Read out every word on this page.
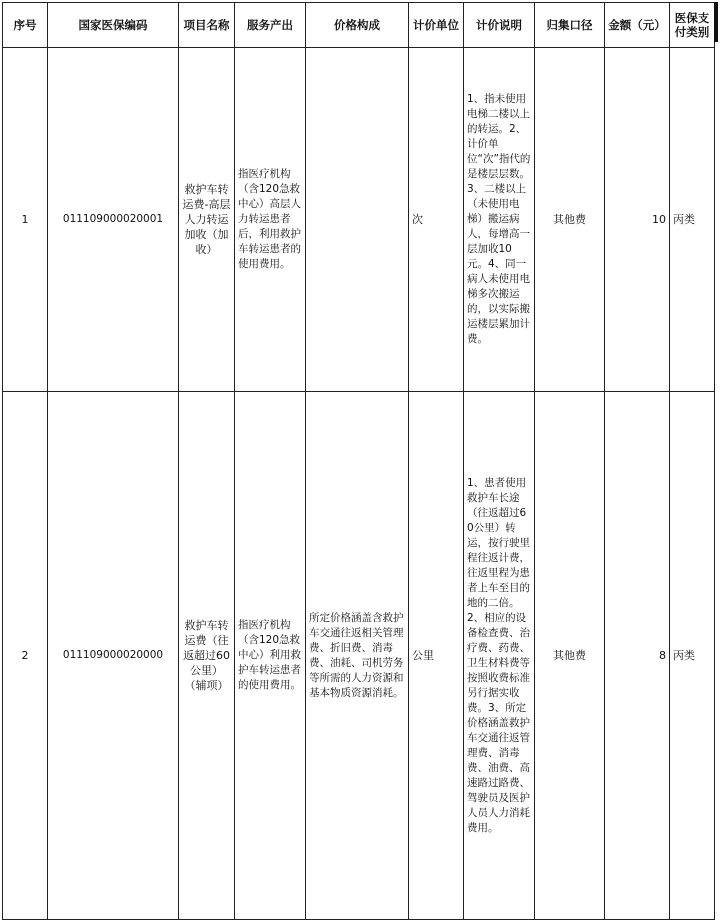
序号	国家医保编码	项目名称	服务产出	价格构成	计价单位	计价说明	归集口径	金额（元）	医保支付类别
1	011109000020001	救护车转运费-高层人力转运加收（加收）	指医疗机构（含120急救中心）高层人力转运患者后，利用救护车转运患者的使用费用。		次	1、指未使用电梯二楼以上的转运。2、计价单位“次”指代的是楼层层数。3、二楼以上（未使用电梯）搬运病人，每增高一层加收10元。4、同一病人未使用电梯多次搬运的，以实际搬运楼层累加计费。	其他费	10	丙类
2	011109000020000	救护车转运费（往返超过60公里）（辅项）	指医疗机构（含120急救中心）利用救护车转运患者的使用费用。	所定价格涵盖含救护车交通往返相关管理费、折旧费、消毒费、油耗、司机劳务等所需的人力资源和基本物质资源消耗。	公里	1、患者使用救护车长途（往返超过60公里）转运，按行驶里程往返计费，往返里程为患者上车至目的地的二倍。2、相应的设备检查费、治疗费、药费、卫生材料费等按照收费标准另行据实收费。3、所定价格涵盖救护车交通往返管理费、消毒费、油费、高速路过路费、驾驶员及医护人员人力消耗费用。	其他费	8	丙类
